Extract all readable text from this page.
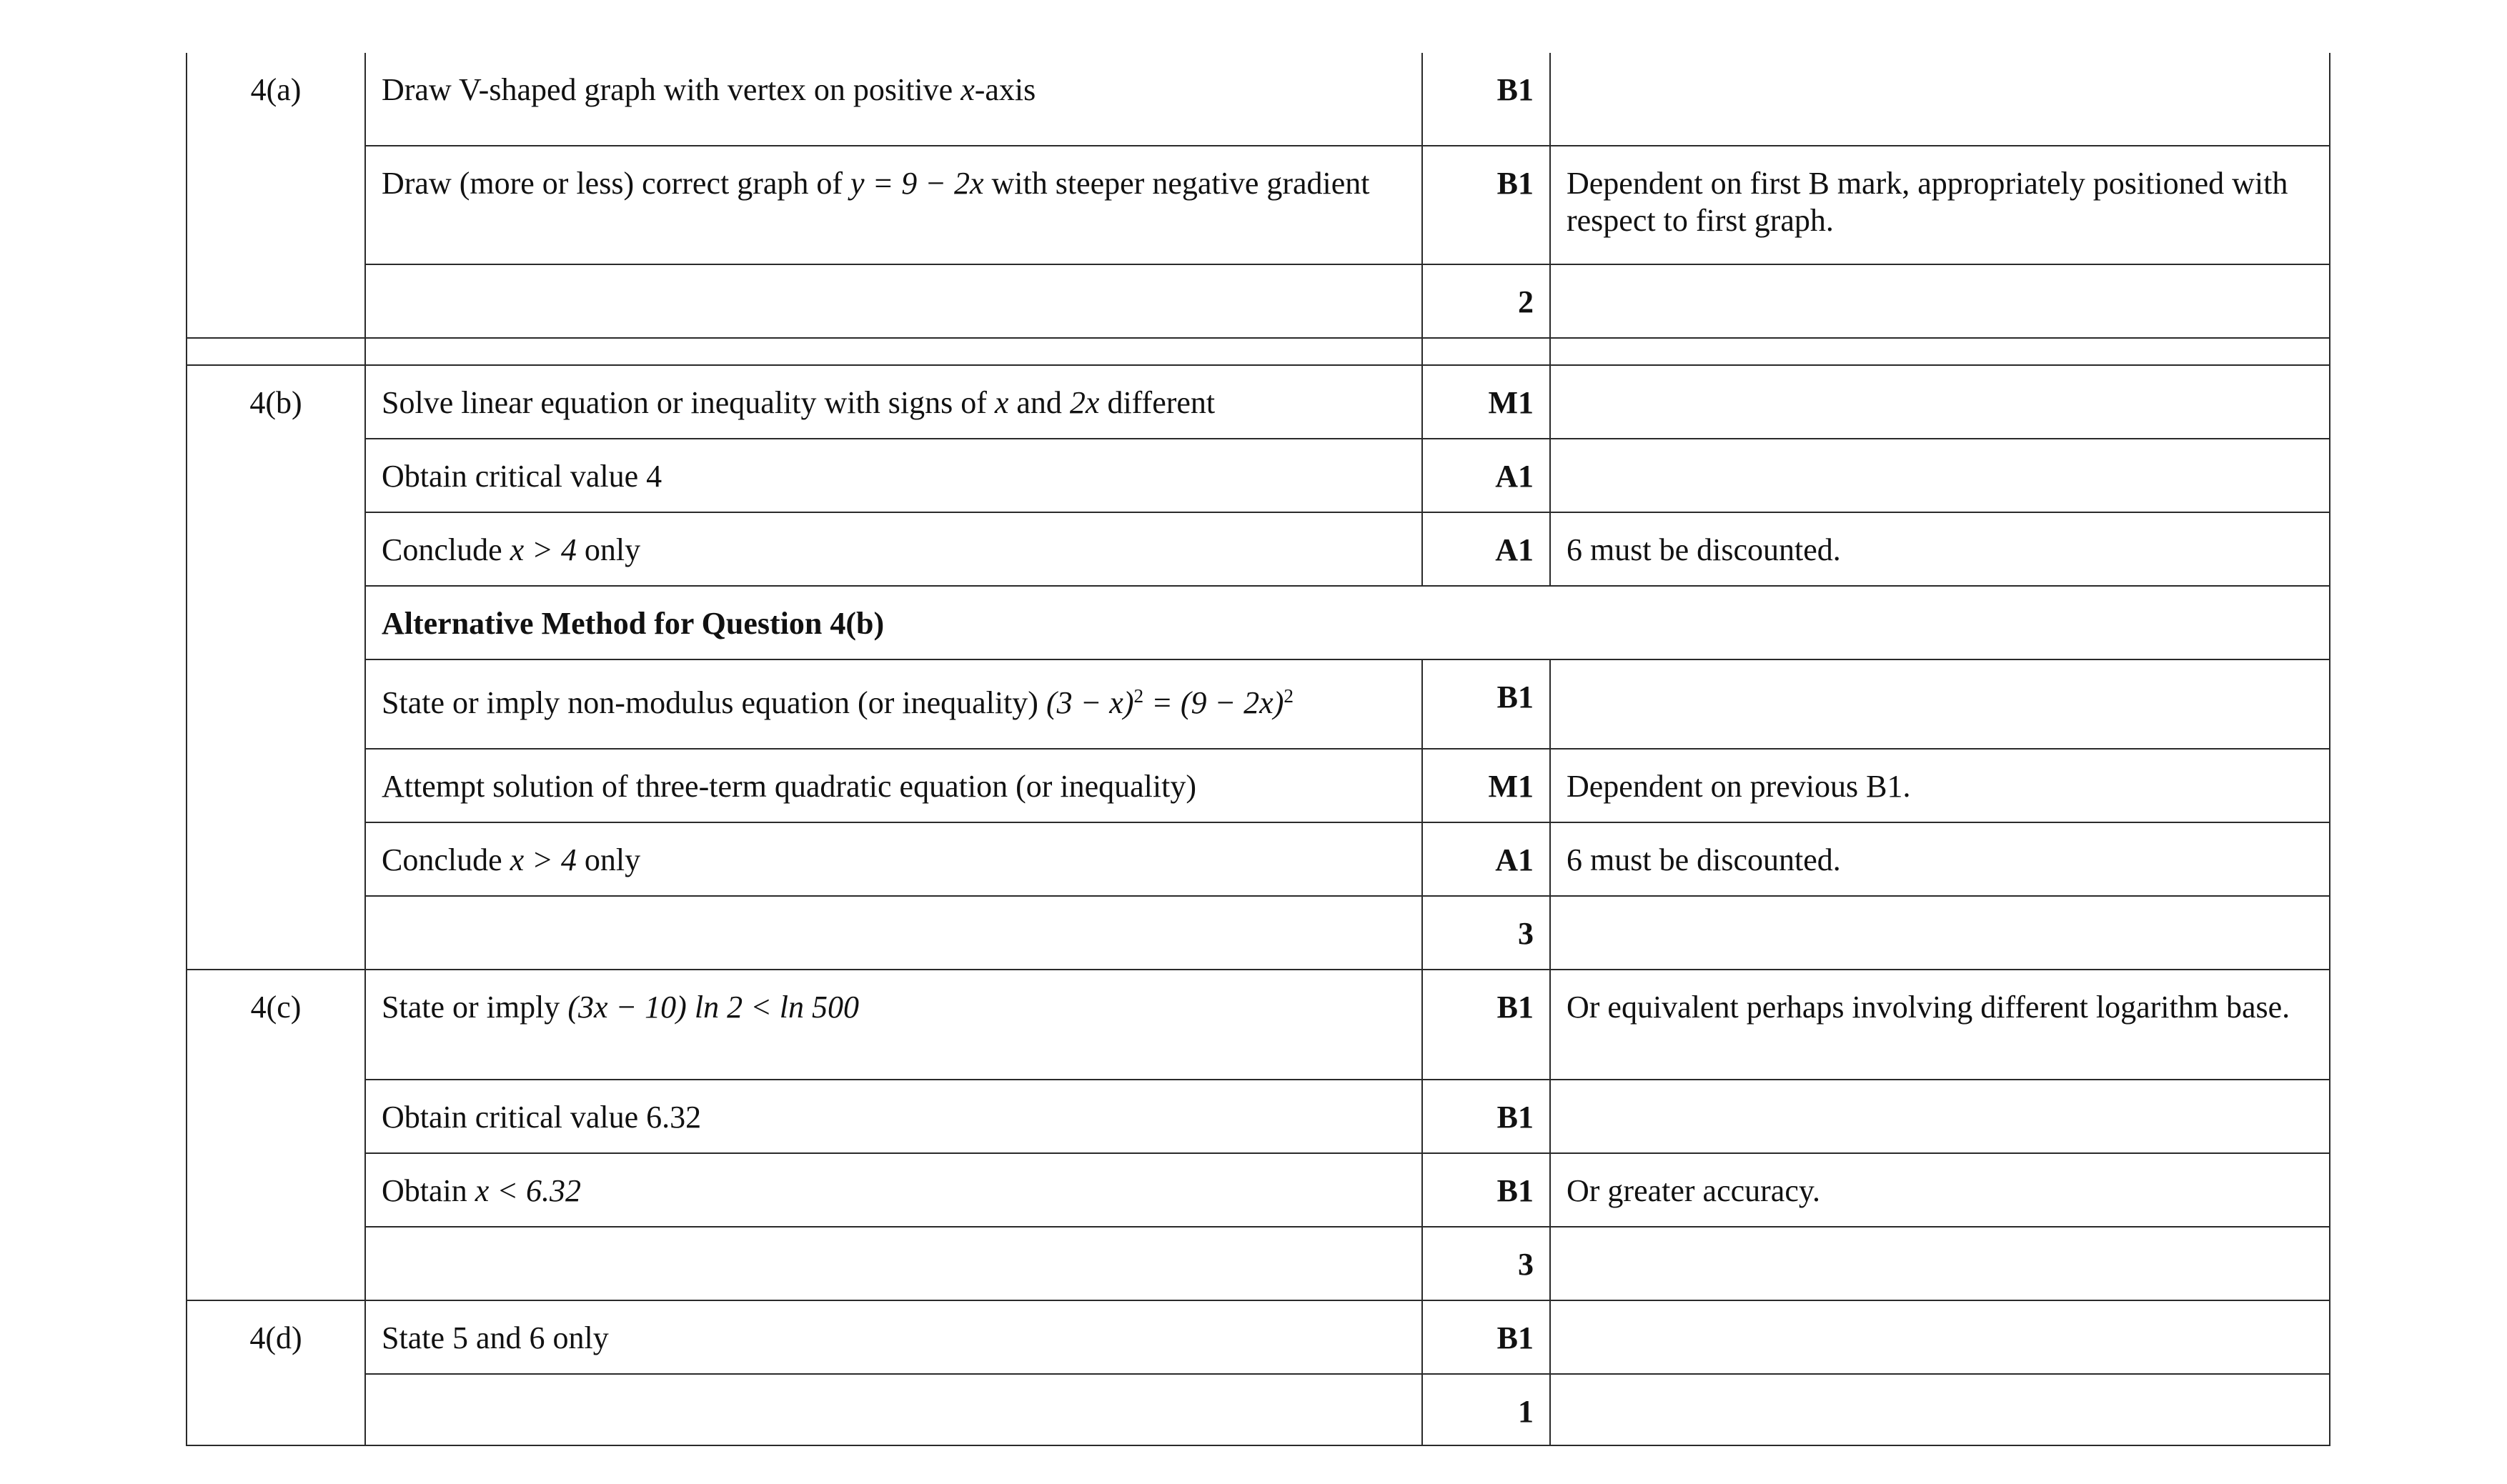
4(a)	Draw V-shaped graph with vertex on positive x-axis	B1	
	Draw (more or less) correct graph of y = 9 − 2x with steeper negative gradient	B1	Dependent on first B mark, appropriately positioned with respect to first graph.
		2	

4(b)	Solve linear equation or inequality with signs of x and 2x different	M1	
	Obtain critical value 4	A1	
	Conclude x > 4 only	A1	6 must be discounted.
	Alternative Method for Question 4(b)		
	State or imply non-modulus equation (or inequality) $(3 - x)^2 = (9 - 2x)^2$	B1	
	Attempt solution of three-term quadratic equation (or inequality)	M1	Dependent on previous B1.
	Conclude x > 4 only	A1	6 must be discounted.
		3	
4(c)	State or imply (3x − 10) ln 2 < ln 500	B1	Or equivalent perhaps involving different logarithm base.
	Obtain critical value 6.32	B1	
	Obtain x < 6.32	B1	Or greater accuracy.
		3	
4(d)	State 5 and 6 only	B1	
		1	
